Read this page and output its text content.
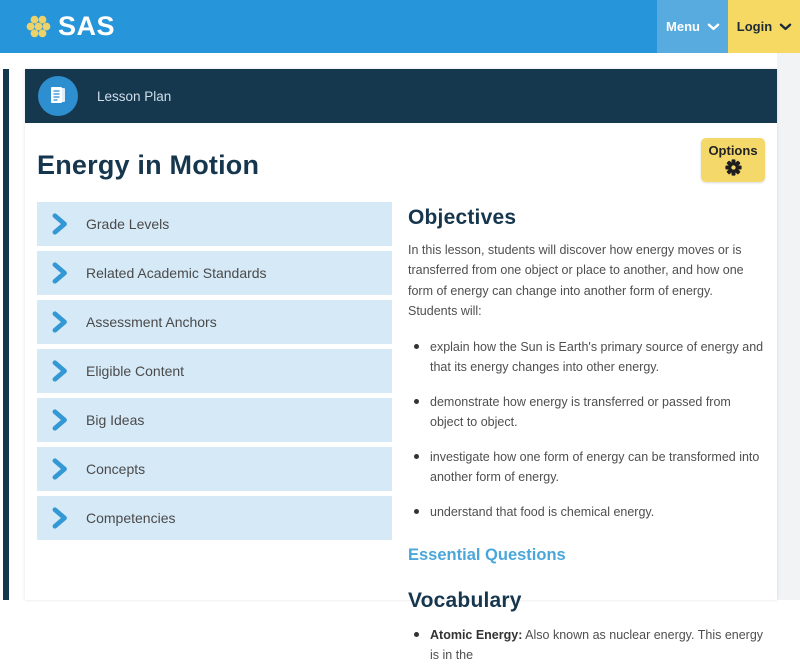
SAS	Menu	Login
Lesson Plan
Energy in Motion	Options
Grade Levels
Related Academic Standards
Assessment Anchors
Eligible Content
Big Ideas
Concepts
Competencies
Objectives

In this lesson, students will discover how energy moves or is transferred from one object or place to another, and how one form of energy can change into another form of energy. Students will:

explain how the Sun is Earth's primary source of energy and that its energy changes into other energy.
demonstrate how energy is transferred or passed from object to object.
investigate how one form of energy can be transformed into another form of energy.
understand that food is chemical energy.
Essential Questions
Vocabulary
Atomic Energy: Also known as nuclear energy. This energy is in the
